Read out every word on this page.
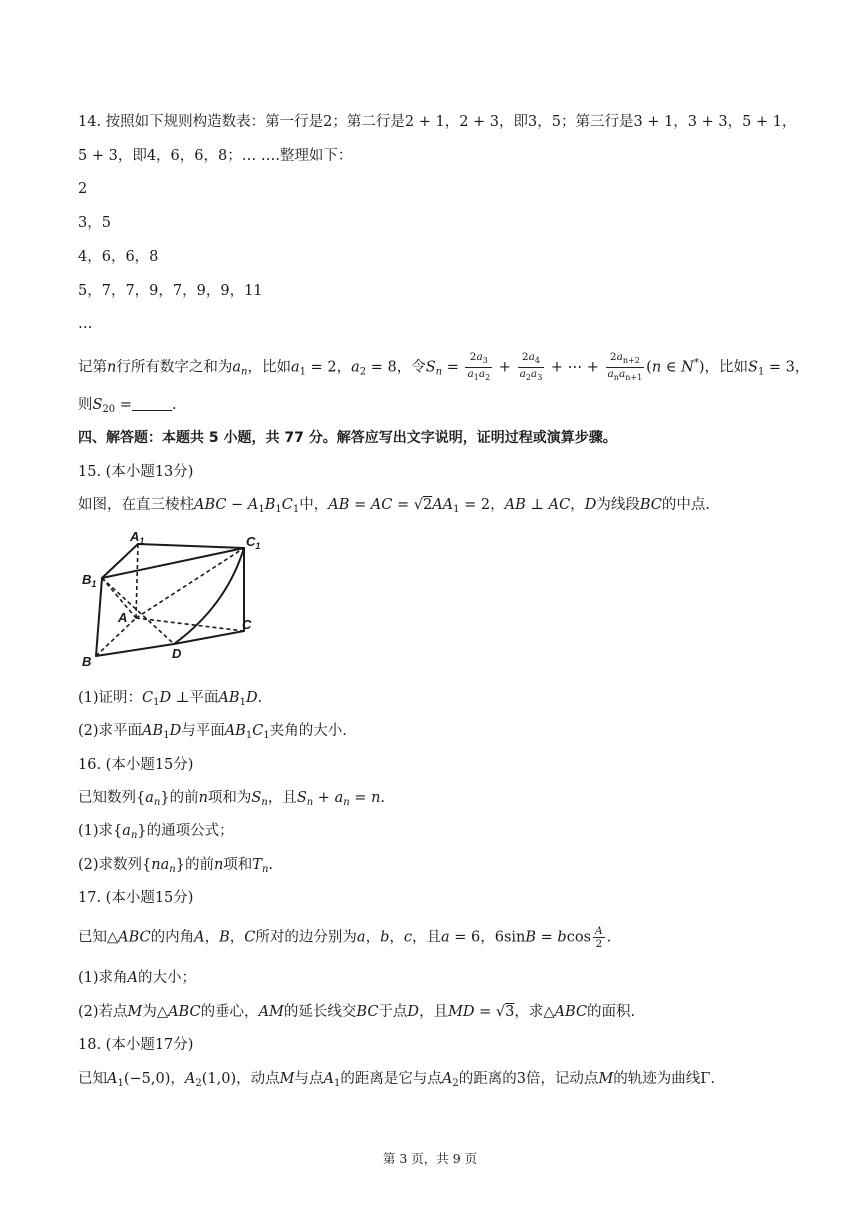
14. 按照如下规则构造数表：第一行是2；第二行是2 + 1，2 + 3，即3，5；第三行是3 + 1，3 + 3，5 + 1，
5 + 3，即4，6，6，8；… ….整理如下：
2
3，5
4，6，6，8
5，7，7，9，7，9，9，11
…
记第n行所有数字之和为$a_n$，比如$a_1 = 2$，$a_2 = 8$，令$S_n = \frac{2a_3}{a_1a_2} + \frac{2a_4}{a_2a_3}$ + ⋯ + $\frac{2a_{n+2}}{a_na_{n+1}} (n$ ∈ N*)，比如$S_1 = 3$，
则$S_{20}$ =	.
四、解答题：本题共 5 小题，共 77 分。解答应写出文字说明，证明过程或演算步骤。
15. (本小题13分)
如图，在直三棱柱ABC − $A_1B_1C_1$中，AB = AC = $√2AA_1 = 2$，AB ⊥ AC，D为线段BC的中点.
$A_1$	$C_1$
$B_1$
A	C
D
B
(1)证明：$C_1D$ ⊥平面$AB_1D$.
(2)求平面$AB_1D$与平面$AB_1C_1$夹角的大小.
16. (本小题15分)
已知数列$\{a_n\}$的前n项和为$S_n$，且$S_n + a_n = n$.
(1)求$\{a_n\}$的通项公式；
(2)求数列$\{na_n\}$的前n项和$T_n$.
17. (本小题15分)
已知△ABC的内角A，B，C所对的边分别为a，b，c，且a = 6，6sinB = bcos $\frac{A}{2}$ .
(1)求角A的大小；
(2)若点M为△ABC的垂心，AM的延长线交BC于点D，且MD = √3，求△ABC的面积.
18. (本小题17分)
已知$A_1(-5,0)$，$A_2(1,0)$，动点M与点$A_1$的距离是它与点$A_2$的距离的3倍，记动点M的轨迹为曲线Γ.
第 3 页，共 9 页
